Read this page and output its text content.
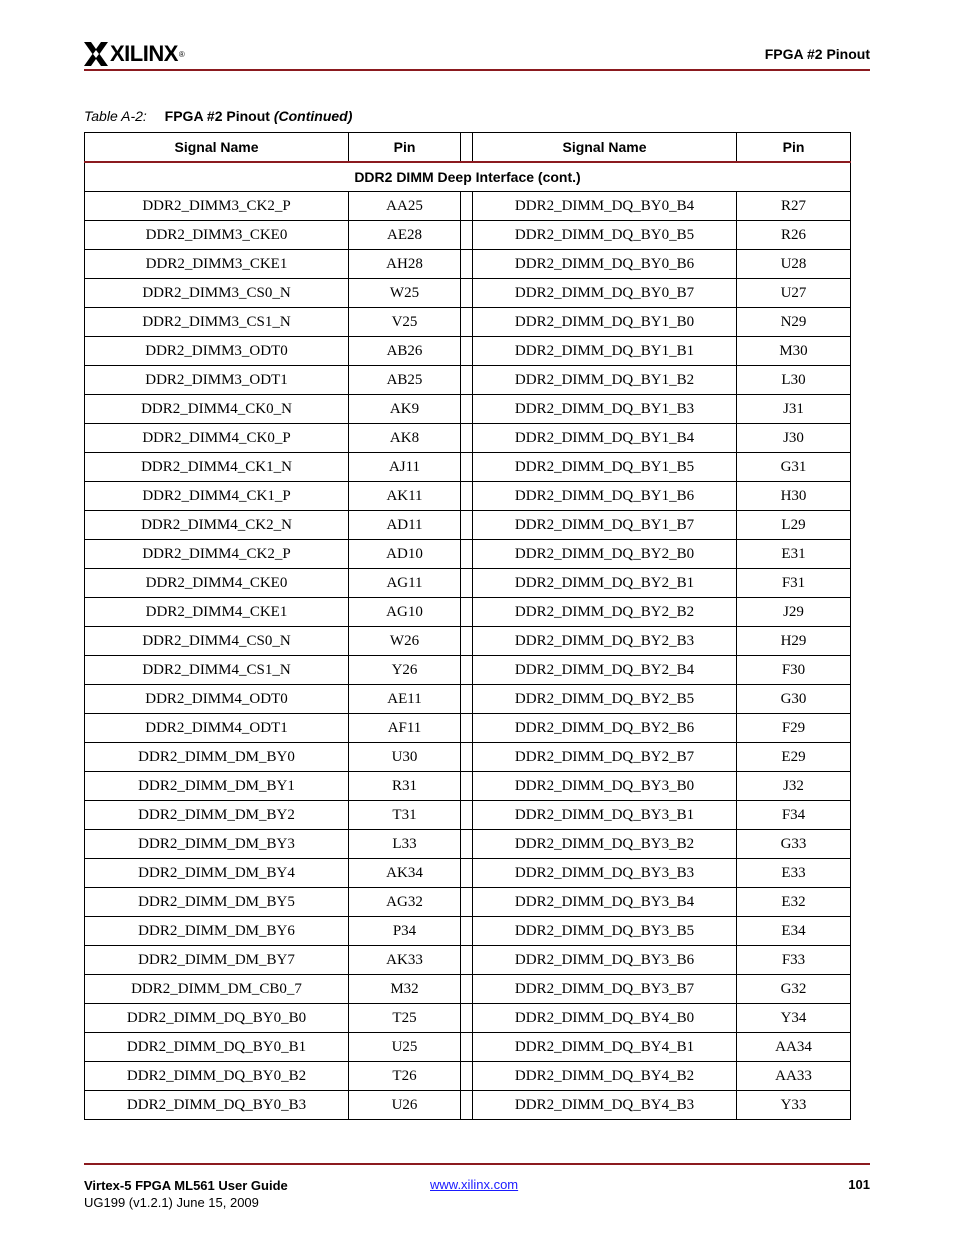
XILINX ®	FPGA #2 Pinout
Table A-2: FPGA #2 Pinout (Continued)
Signal Name	Pin		Signal Name	Pin
DDR2 DIMM Deep Interface (cont.)				
DDR2_DIMM3_CK2_P	AA25		DDR2_DIMM_DQ_BY0_B4	R27
DDR2_DIMM3_CKE0	AE28		DDR2_DIMM_DQ_BY0_B5	R26
DDR2_DIMM3_CKE1	AH28		DDR2_DIMM_DQ_BY0_B6	U28
DDR2_DIMM3_CS0_N	W25		DDR2_DIMM_DQ_BY0_B7	U27
DDR2_DIMM3_CS1_N	V25		DDR2_DIMM_DQ_BY1_B0	N29
DDR2_DIMM3_ODT0	AB26		DDR2_DIMM_DQ_BY1_B1	M30
DDR2_DIMM3_ODT1	AB25		DDR2_DIMM_DQ_BY1_B2	L30
DDR2_DIMM4_CK0_N	AK9		DDR2_DIMM_DQ_BY1_B3	J31
DDR2_DIMM4_CK0_P	AK8		DDR2_DIMM_DQ_BY1_B4	J30
DDR2_DIMM4_CK1_N	AJ11		DDR2_DIMM_DQ_BY1_B5	G31
DDR2_DIMM4_CK1_P	AK11		DDR2_DIMM_DQ_BY1_B6	H30
DDR2_DIMM4_CK2_N	AD11		DDR2_DIMM_DQ_BY1_B7	L29
DDR2_DIMM4_CK2_P	AD10		DDR2_DIMM_DQ_BY2_B0	E31
DDR2_DIMM4_CKE0	AG11		DDR2_DIMM_DQ_BY2_B1	F31
DDR2_DIMM4_CKE1	AG10		DDR2_DIMM_DQ_BY2_B2	J29
DDR2_DIMM4_CS0_N	W26		DDR2_DIMM_DQ_BY2_B3	H29
DDR2_DIMM4_CS1_N	Y26		DDR2_DIMM_DQ_BY2_B4	F30
DDR2_DIMM4_ODT0	AE11		DDR2_DIMM_DQ_BY2_B5	G30
DDR2_DIMM4_ODT1	AF11		DDR2_DIMM_DQ_BY2_B6	F29
DDR2_DIMM_DM_BY0	U30		DDR2_DIMM_DQ_BY2_B7	E29
DDR2_DIMM_DM_BY1	R31		DDR2_DIMM_DQ_BY3_B0	J32
DDR2_DIMM_DM_BY2	T31		DDR2_DIMM_DQ_BY3_B1	F34
DDR2_DIMM_DM_BY3	L33		DDR2_DIMM_DQ_BY3_B2	G33
DDR2_DIMM_DM_BY4	AK34		DDR2_DIMM_DQ_BY3_B3	E33
DDR2_DIMM_DM_BY5	AG32		DDR2_DIMM_DQ_BY3_B4	E32
DDR2_DIMM_DM_BY6	P34		DDR2_DIMM_DQ_BY3_B5	E34
DDR2_DIMM_DM_BY7	AK33		DDR2_DIMM_DQ_BY3_B6	F33
DDR2_DIMM_DM_CB0_7	M32		DDR2_DIMM_DQ_BY3_B7	G32
DDR2_DIMM_DQ_BY0_B0	T25		DDR2_DIMM_DQ_BY4_B0	Y34
DDR2_DIMM_DQ_BY0_B1	U25		DDR2_DIMM_DQ_BY4_B1	AA34
DDR2_DIMM_DQ_BY0_B2	T26		DDR2_DIMM_DQ_BY4_B2	AA33
DDR2_DIMM_DQ_BY0_B3	U26		DDR2_DIMM_DQ_BY4_B3	Y33
Virtex-5 FPGA ML561 User Guide
UG199 (v1.2.1) June 15, 2009
www.xilinx.com	101
